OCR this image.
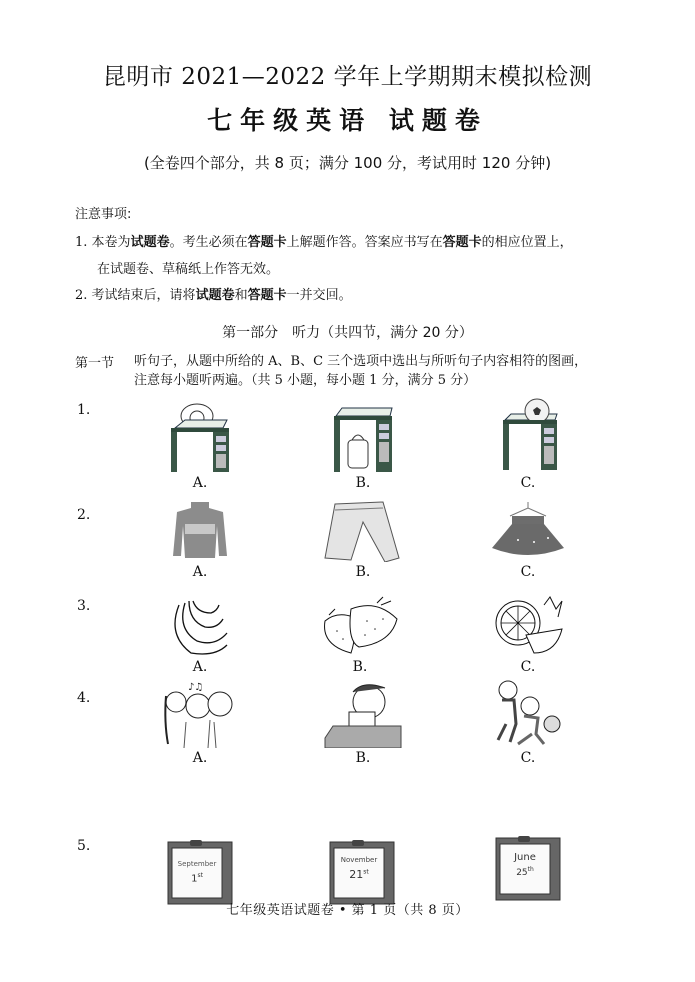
昆明市 2021—2022 学年上学期期末模拟检测
七年级英语 试题卷
(全卷四个部分，共 8 页；满分 100 分，考试用时 120 分钟)
注意事项:
1. 本卷为试题卷。考生必须在答题卡上解题作答。答案应书写在答题卡的相应位置上，
在试题卷、草稿纸上作答无效。
2. 考试结束后，请将试题卷和答题卡一并交回。
第一部分　听力（共四节，满分 20 分）
第一节 听句子，从题中所给的 A、B、C 三个选项中选出与所听句子内容相符的图画，
注意每小题听两遍。（共 5 小题，每小题 1 分，满分 5 分）
1.
A.	B.	C.
2.
A.	B.	C.
3.
A.	B.	C.
4.
♪♫
A.	B.	C.
5.
September
1st
November
21st
June
25th
七年级英语试题卷 • 第 1 页（共 8 页）
